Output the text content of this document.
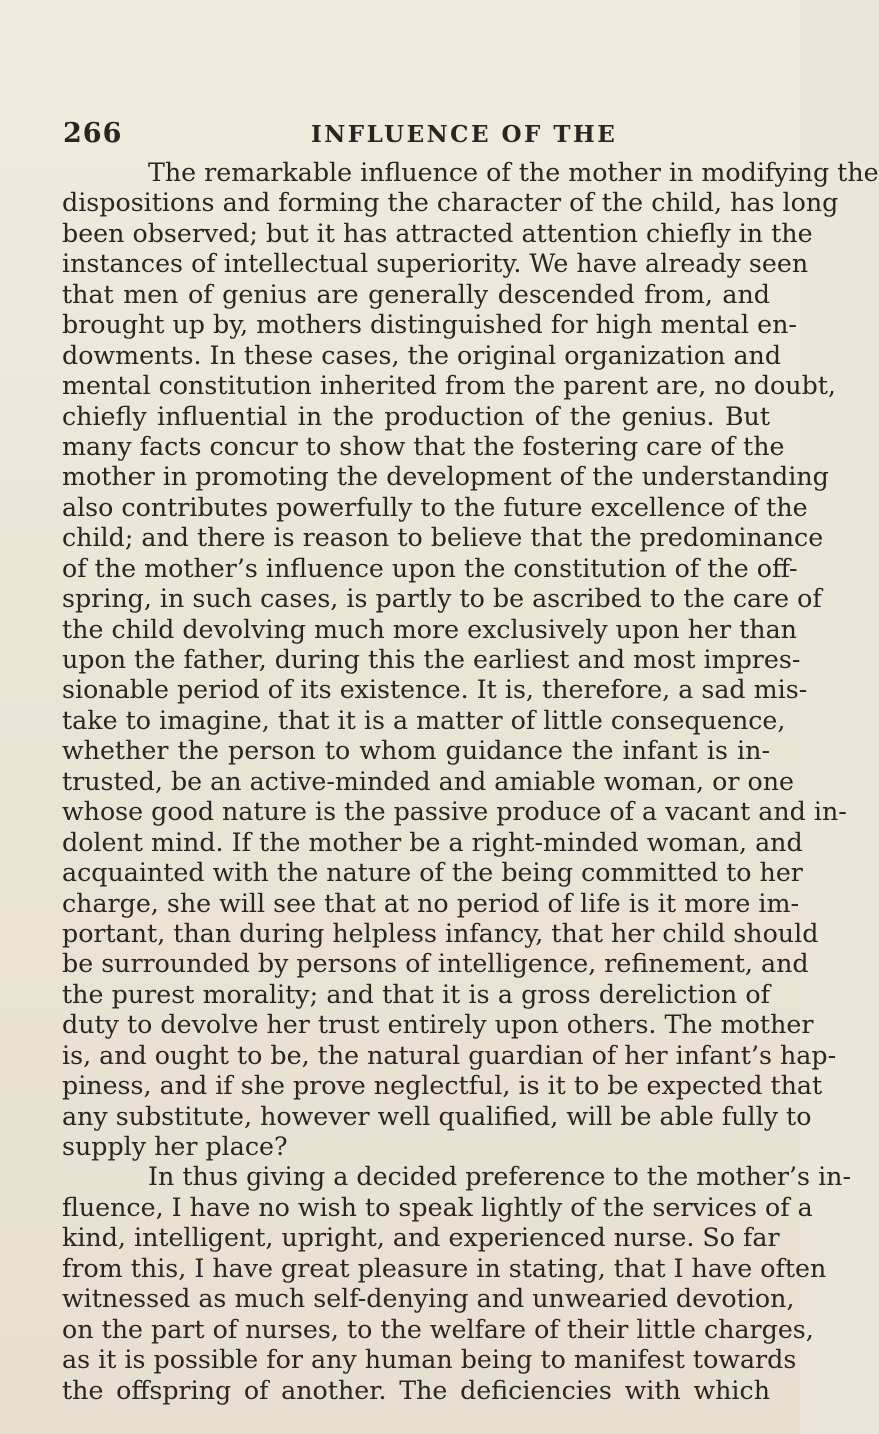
266	INFLUENCE OF THE
The remarkable influence of the mother in modifying the
dispositions and forming the character of the child, has long
been observed; but it has attracted attention chiefly in the
instances of intellectual superiority. We have already seen
that men of genius are generally descended from, and
brought up by, mothers distinguished for high mental en-
dowments. In these cases, the original organization and
mental constitution inherited from the parent are, no doubt,
chiefly influential in the production of the genius. But
many facts concur to show that the fostering care of the
mother in promoting the development of the understanding
also contributes powerfully to the future excellence of the
child; and there is reason to believe that the predominance
of the mother’s influence upon the constitution of the off-
spring, in such cases, is partly to be ascribed to the care of
the child devolving much more exclusively upon her than
upon the father, during this the earliest and most impres-
sionable period of its existence. It is, therefore, a sad mis-
take to imagine, that it is a matter of little consequence,
whether the person to whom guidance the infant is in-
trusted, be an active-minded and amiable woman, or one
whose good nature is the passive produce of a vacant and in-
dolent mind. If the mother be a right-minded woman, and
acquainted with the nature of the being committed to her
charge, she will see that at no period of life is it more im-
portant, than during helpless infancy, that her child should
be surrounded by persons of intelligence, refinement, and
the purest morality; and that it is a gross dereliction of
duty to devolve her trust entirely upon others. The mother
is, and ought to be, the natural guardian of her infant’s hap-
piness, and if she prove neglectful, is it to be expected that
any substitute, however well qualified, will be able fully to
supply her place?
In thus giving a decided preference to the mother’s in-
fluence, I have no wish to speak lightly of the services of a
kind, intelligent, upright, and experienced nurse. So far
from this, I have great pleasure in stating, that I have often
witnessed as much self-denying and unwearied devotion,
on the part of nurses, to the welfare of their little charges,
as it is possible for any human being to manifest towards
the offspring of another. The deficiencies with which
